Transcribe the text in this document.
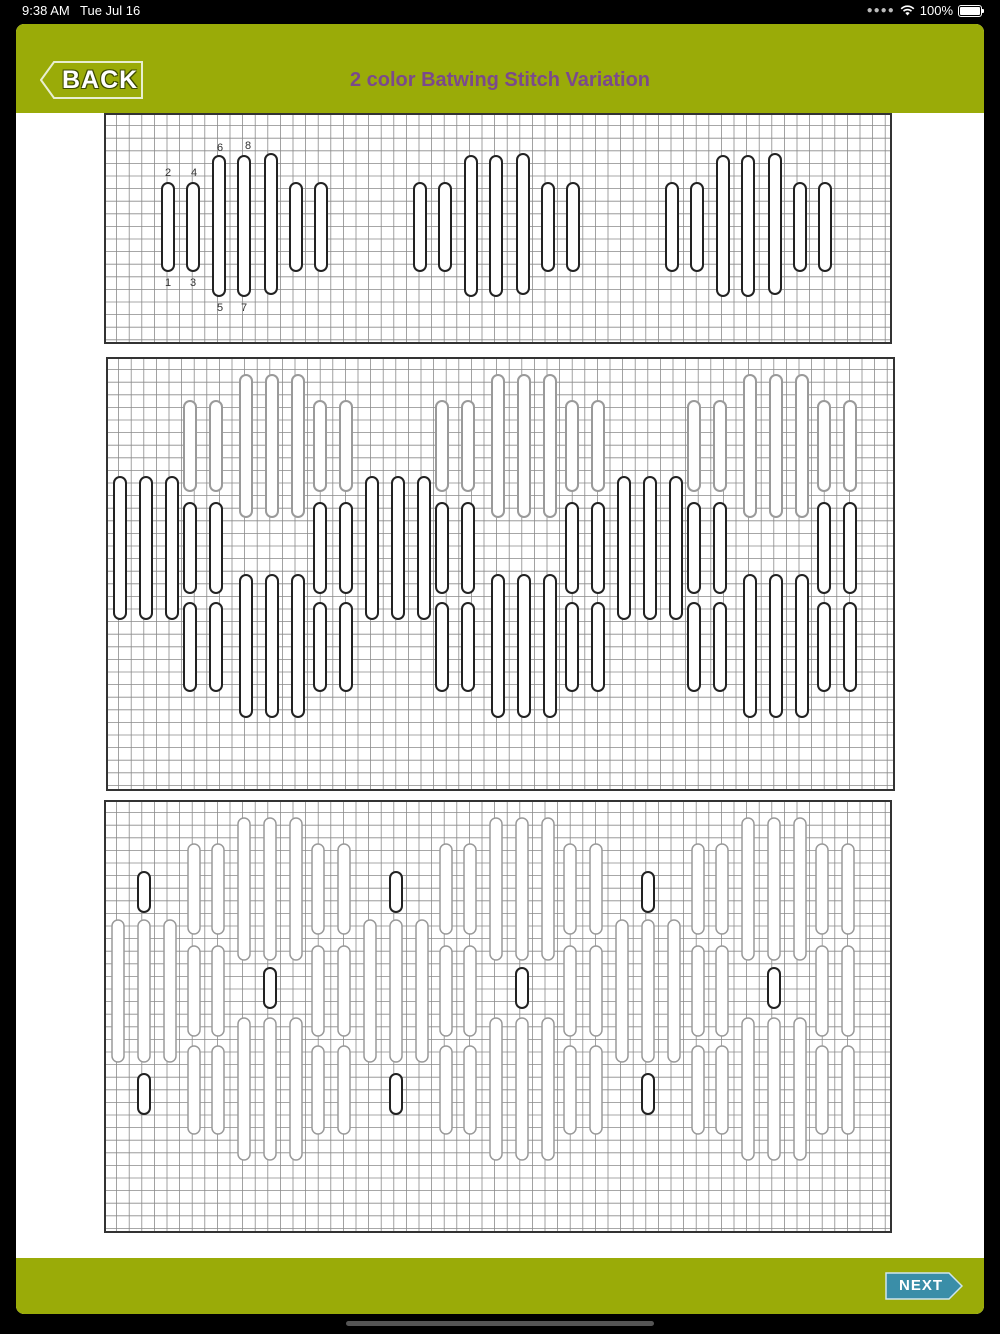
9:38 AM Tue Jul 16	●●●● 100%
BACK	2 color Batwing Stitch Variation
2 4
6 8
1 3
5 7
NEXT
